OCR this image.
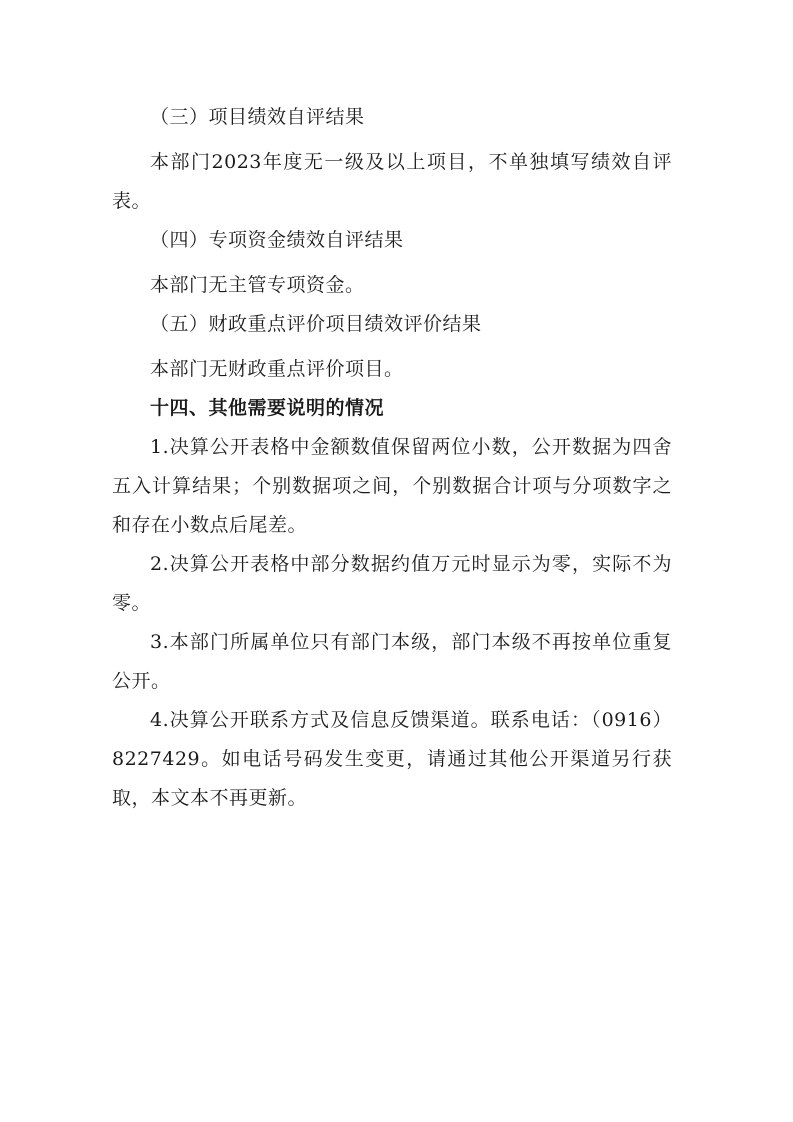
（三）项目绩效自评结果

本部门2023年度无一级及以上项目，不单独填写绩效自评表。

（四）专项资金绩效自评结果

本部门无主管专项资金。

（五）财政重点评价项目绩效评价结果

本部门无财政重点评价项目。

十四、其他需要说明的情况

1.决算公开表格中金额数值保留两位小数，公开数据为四舍五入计算结果；个别数据项之间，个别数据合计项与分项数字之和存在小数点后尾差。

2.决算公开表格中部分数据约值万元时显示为零，实际不为零。

3.本部门所属单位只有部门本级，部门本级不再按单位重复公开。

4.决算公开联系方式及信息反馈渠道。联系电话：（0916）8227429。如电话号码发生变更，请通过其他公开渠道另行获取，本文本不再更新。
